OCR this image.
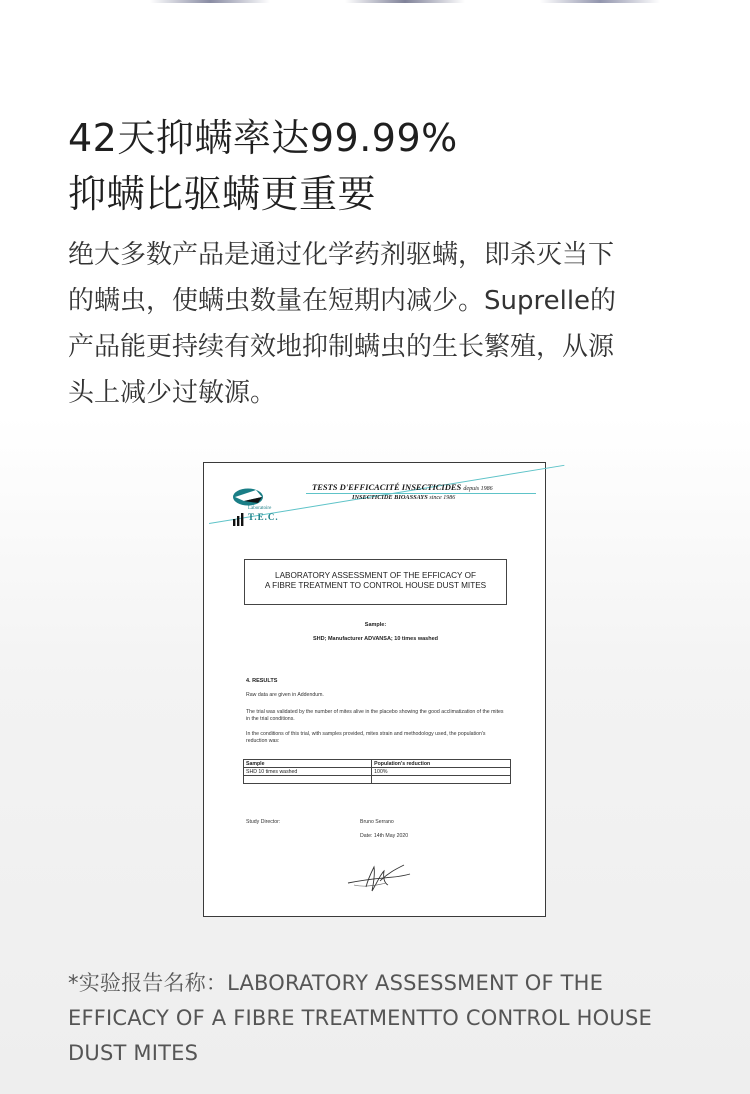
42天抑螨率达99.99%
抑螨比驱螨更重要
绝大多数产品是通过化学药剂驱螨，即杀灭当下
的螨虫，使螨虫数量在短期内减少。Suprelle的
产品能更持续有效地抑制螨虫的生长繁殖，从源
头上减少过敏源。
Laboratoire
T.E.C.
TESTS D'EFFICACITÉ INSECTICIDES depuis 1986
INSECTICIDE BIOASSAYS since 1986
LABORATORY ASSESSMENT OF THE EFFICACY OF
A FIBRE TREATMENT TO CONTROL HOUSE DUST MITES
Sample:
SHD; Manufacturer ADVANSA; 10 times washed
4. RESULTS
Raw data are given in Addendum.
The trial was validated by the number of mites alive in the placebo showing the good acclimatization of the mites in the trial conditions.
In the conditions of this trial, with samples provided, mites strain and methodology used, the population's reduction was:
Sample	Population's reduction
SHD 10 times washed	100%

Study Director:	Bruno Serrano
Date: 14th May 2020
*实验报告名称：LABORATORY ASSESSMENT OF THE
EFFICACY OF A FIBRE TREATMENTTO CONTROL HOUSE
DUST MITES
